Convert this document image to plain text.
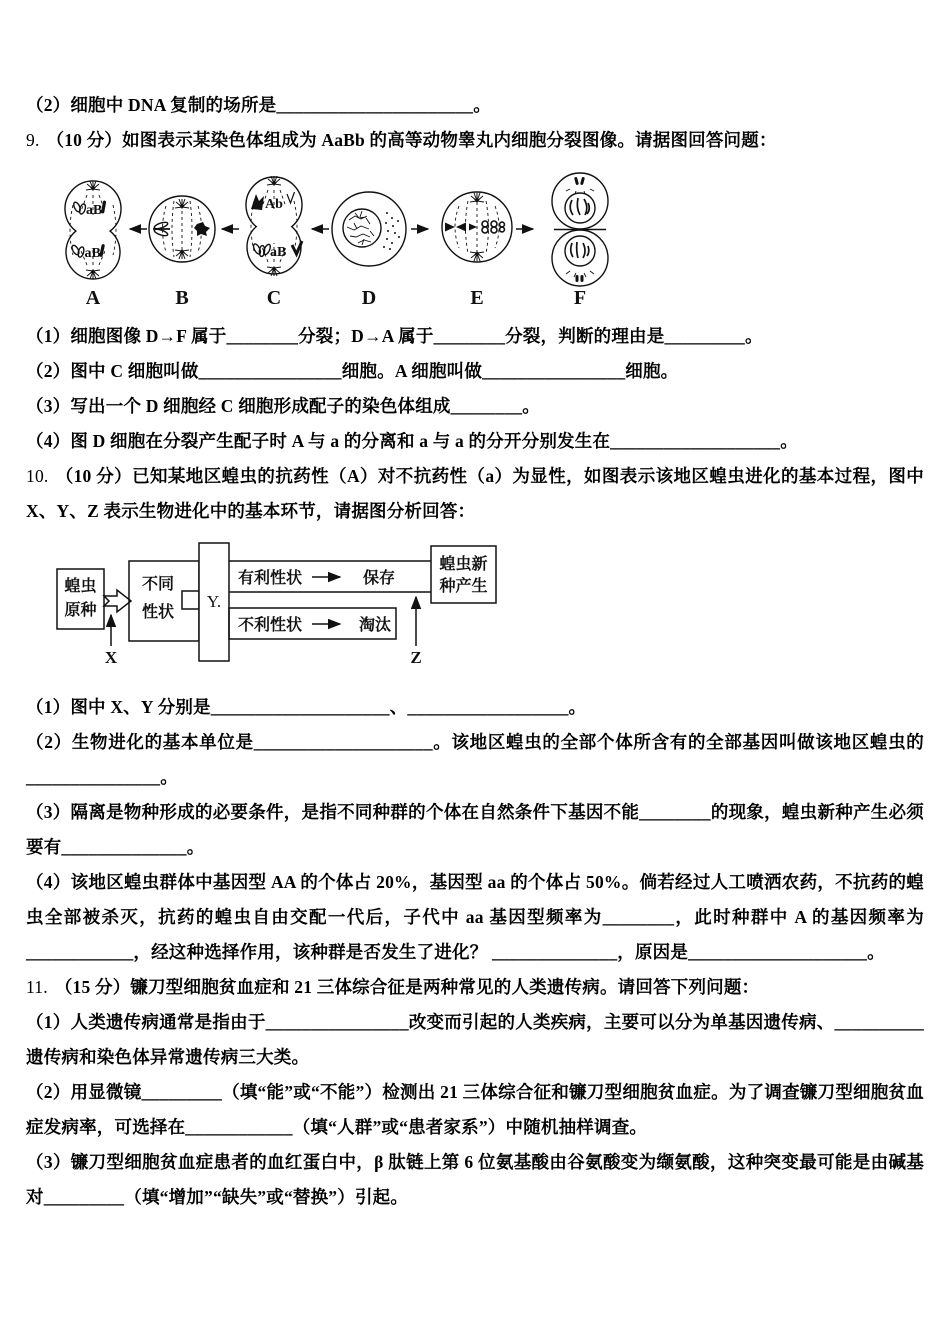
（2）细胞中 DNA 复制的场所是______________________。

9. （10 分）如图表示某染色体组成为 AaBb 的高等动物睾丸内细胞分裂图像。请据图回答问题：

aB
aB
A	B
Ab
aB
C	D	E	F

（1）细胞图像 D→F 属于________分裂；D→A 属于________分裂，判断的理由是_________。

（2）图中 C 细胞叫做________________细胞。A 细胞叫做________________细胞。

（3）写出一个 D 细胞经 C 细胞形成配子的染色体组成________。

（4）图 D 细胞在分裂产生配子时 A 与 a 的分离和 a 与 a 的分开分别发生在___________________。

10. （10 分）已知某地区蝗虫的抗药性（A）对不抗药性（a）为显性，如图表示该地区蝗虫进化的基本过程，图中 X、Y、Z 表示生物进化中的基本环节，请据图分析回答：

蝗虫
原种
不同
性状
Y.
有利性状	保存
不利性状	淘汰
蝗虫新
种产生
X	Z

（1）图中 X、Y 分别是____________________、__________________。

（2）生物进化的基本单位是____________________。该地区蝗虫的全部个体所含有的全部基因叫做该地区蝗虫的_______________。

（3）隔离是物种形成的必要条件，是指不同种群的个体在自然条件下基因不能________的现象，蝗虫新种产生必须要有______________。

（4）该地区蝗虫群体中基因型 AA 的个体占 20%，基因型 aa 的个体占 50%。倘若经过人工喷洒农药，不抗药的蝗虫全部被杀灭，抗药的蝗虫自由交配一代后，子代中 aa 基因型频率为________，此时种群中 A 的基因频率为____________，经这种选择作用，该种群是否发生了进化？ ______________，原因是____________________。

11. （15 分）镰刀型细胞贫血症和 21 三体综合征是两种常见的人类遗传病。请回答下列问题：

（1）人类遗传病通常是指由于________________改变而引起的人类疾病，主要可以分为单基因遗传病、__________遗传病和染色体异常遗传病三大类。

（2）用显微镜_________（填“能”或“不能”）检测出 21 三体综合征和镰刀型细胞贫血症。为了调查镰刀型细胞贫血症发病率，可选择在____________（填“人群”或“患者家系”）中随机抽样调查。

（3）镰刀型细胞贫血症患者的血红蛋白中，β 肽链上第 6 位氨基酸由谷氨酸变为缬氨酸，这种突变最可能是由碱基对_________（填“增加”“缺失”或“替换”）引起。
